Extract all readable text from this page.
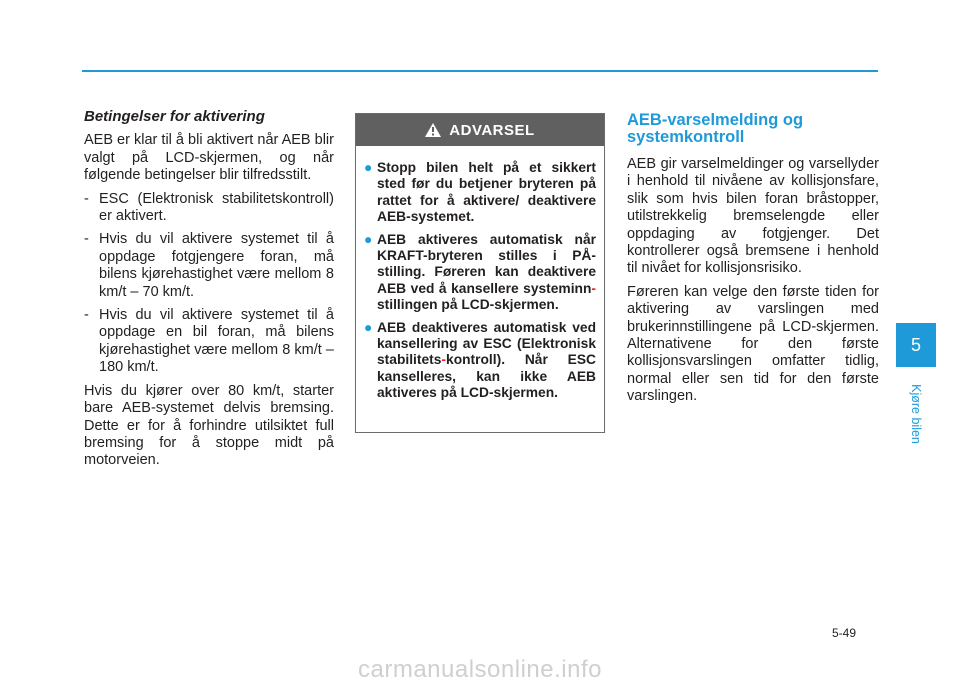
Betingelser for aktivering

AEB er klar til å bli aktivert når AEB blir valgt på LCD-skjermen, og når følgende betingelser blir tilfredsstilt.

- ESC (Elektronisk stabilitetskontroll) er aktivert.
- Hvis du vil aktivere systemet til å oppdage fotgjengere foran, må bilens kjørehastighet være mellom 8 km/t – 70 km/t.
- Hvis du vil aktivere systemet til å oppdage en bil foran, må bilens kjørehastighet være mellom 8 km/t – 180 km/t.

Hvis du kjører over 80 km/t, starter bare AEB-systemet delvis bremsing. Dette er for å forhindre utilsiktet full bremsing for å stoppe midt på motorveien.

ADVARSEL
● Stopp bilen helt på et sikkert sted før du betjener bryteren på rattet for å aktivere/ deaktivere AEB-systemet.
● AEB aktiveres automatisk når KRAFT-bryteren stilles i PÅ-stilling. Føreren kan deaktivere AEB ved å kansellere systeminn-stillingen på LCD-skjermen.
● AEB deaktiveres automatisk ved kansellering av ESC (Elektronisk stabilitets-kontroll). Når ESC kanselleres, kan ikke AEB aktiveres på LCD-skjermen.
AEB-varselmelding og systemkontroll

AEB gir varselmeldinger og varsellyder i henhold til nivåene av kollisjonsfare, slik som hvis bilen foran bråstopper, utilstrekkelig bremselengde eller oppdaging av fotgjenger. Det kontrollerer også bremsene i henhold til nivået for kollisjonsrisiko.

Føreren kan velge den første tiden for aktivering av varslingen med brukerinnstillingene på LCD-skjermen. Alternativene for den første kollisjonsvarslingen omfatter tidlig, normal eller sen tid for den første varslingen.

5
Kjøre bilen
5-49
carmanualsonline.info
